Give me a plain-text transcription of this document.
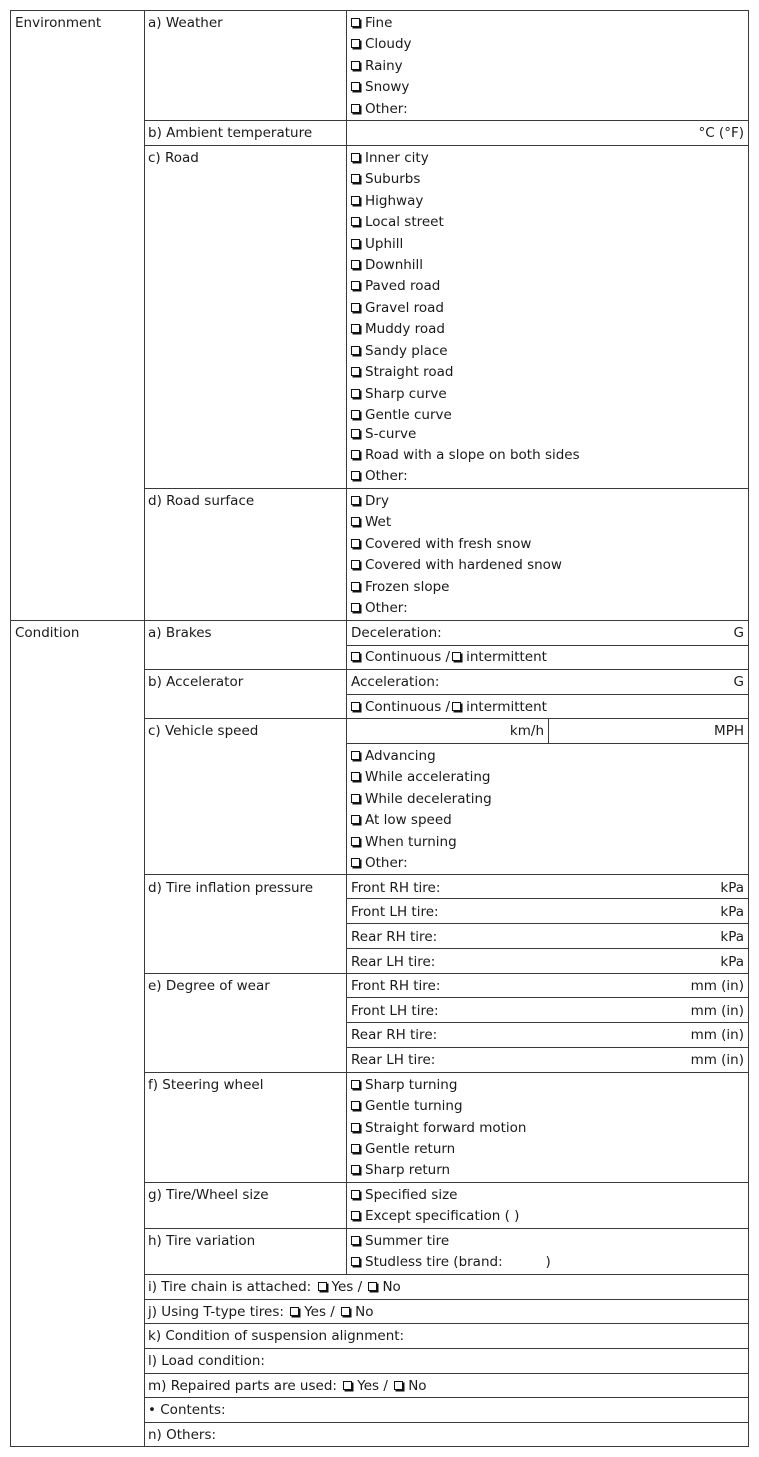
Environment	a) Weather	Fine
Cloudy
Rainy
Snowy
Other:
b) Ambient temperature	°C (°F)
c) Road	Inner city
Suburbs
Highway
Local street
Uphill
Downhill
Paved road
Gravel road
Muddy road
Sandy place
Straight road
Sharp curve
Gentle curve
S-curve
Road with a slope on both sides
Other:
d) Road surface	Dry
Wet
Covered with fresh snow
Covered with hardened snow
Frozen slope
Other:
Condition	a) Brakes	Deceleration:	G
Continuous / intermittent
b) Accelerator	Acceleration:	G
Continuous / intermittent
c) Vehicle speed	km/h	MPH
Advancing
While accelerating
While decelerating
At low speed
When turning
Other:
d) Tire inflation pressure	Front RH tire:	kPa
Front LH tire:	kPa
Rear RH tire:	kPa
Rear LH tire:	kPa
e) Degree of wear	Front RH tire:	mm (in)
Front LH tire:	mm (in)
Rear RH tire:	mm (in)
Rear LH tire:	mm (in)
f) Steering wheel	Sharp turning
Gentle turning
Straight forward motion
Gentle return
Sharp return
g) Tire/Wheel size	Specified size
Except specification ( )
h) Tire variation	Summer tire
Studless tire (brand:          )
i) Tire chain is attached: Yes / No
j) Using T-type tires: Yes / No
k) Condition of suspension alignment:
l) Load condition:
m) Repaired parts are used: Yes / No
• Contents:
n) Others:
